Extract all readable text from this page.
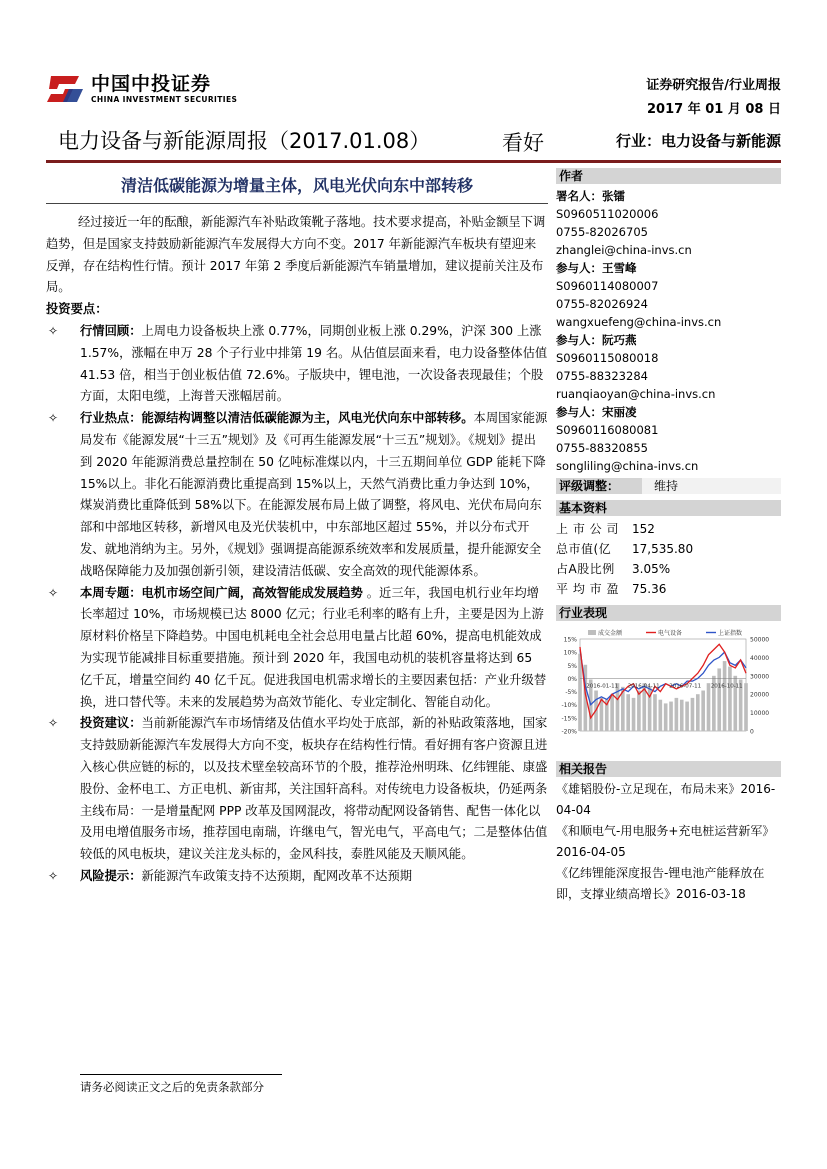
中国中投证券
CHINA INVESTMENT SECURITIES
证券研究报告/行业周报
2017 年 01 月 08 日
电力设备与新能源周报（2017.01.08）	看好	行业：电力设备与新能源
清洁低碳能源为增量主体，风电光伏向东中部转移

经过接近一年的酝酿，新能源汽车补贴政策靴子落地。技术要求提高，补贴金额呈下调趋势，但是国家支持鼓励新能源汽车发展得大方向不变。2017 年新能源汽车板块有望迎来反弹，存在结构性行情。预计 2017 年第 2 季度后新能源汽车销量增加，建议提前关注及布局。

投资要点：

✧ 行情回顾：上周电力设备板块上涨 0.77%，同期创业板上涨 0.29%，沪深 300 上涨 1.57%，涨幅在申万 28 个子行业中排第 19 名。从估值层面来看，电力设备整体估值 41.53 倍，相当于创业板估值 72.6%。子版块中，锂电池，一次设备表现最佳；个股方面，太阳电缆，上海普天涨幅居前。
✧ 行业热点：能源结构调整以清洁低碳能源为主，风电光伏向东中部转移。本周国家能源局发布《能源发展“十三五”规划》及《可再生能源发展“十三五”规划》。《规划》提出到 2020 年能源消费总量控制在 50 亿吨标准煤以内，十三五期间单位 GDP 能耗下降 15%以上。非化石能源消费比重提高到 15%以上，天然气消费比重力争达到 10%，煤炭消费比重降低到 58%以下。在能源发展布局上做了调整，将风电、光伏布局向东部和中部地区转移，新增风电及光伏装机中，中东部地区超过 55%，并以分布式开发、就地消纳为主。另外，《规划》强调提高能源系统效率和发展质量，提升能源安全战略保障能力及加强创新引领，建设清洁低碳、安全高效的现代能源体系。
✧ 本周专题：电机市场空间广阔，高效智能成发展趋势 。近三年，我国电机行业年均增长率超过 10%，市场规模已达 8000 亿元；行业毛利率的略有上升，主要是因为上游原材料价格呈下降趋势。中国电机耗电全社会总用电量占比超 60%，提高电机能效成为实现节能减排目标重要措施。预计到 2020 年，我国电动机的装机容量将达到 65 亿千瓦，增量空间约 40 亿千瓦。促进我国电机需求增长的主要因素包括：产业升级替换，进口替代等。未来的发展趋势为高效节能化、专业定制化、智能自动化。
✧ 投资建议：当前新能源汽车市场情绪及估值水平均处于底部，新的补贴政策落地，国家支持鼓励新能源汽车发展得大方向不变，板块存在结构性行情。看好拥有客户资源且进入核心供应链的标的，以及技术壁垒较高环节的个股，推荐沧州明珠、亿纬锂能、康盛股份、金杯电工、方正电机、新宙邦，关注国轩高科。对传统电力设备板块，仍延两条主线布局：一是增量配网 PPP 改革及国网混改，将带动配网设备销售、配售一体化以及用电增值服务市场，推荐国电南瑞，许继电气，智光电气，平高电气；二是整体估值较低的风电板块，建议关注龙头标的，金风科技，泰胜风能及天顺风能。
✧ 风险提示：新能源汽车政策支持不达预期，配网改革不达预期
作者
署名人：张镭
S0960511020006
0755-82026705
zhanglei@china-invs.cn
参与人：王雪峰
S0960114080007
0755-82026924
wangxuefeng@china-invs.cn
参与人：阮巧燕
S0960115080018
0755-88323284
ruanqiaoyan@china-invs.cn
参与人：宋丽凌
S0960116080081
0755-88320855
songliling@china-invs.cn
评级调整：	维持
基本资料
上 市 公 司	152
总市值(亿	17,535.80
占A股比例	3.05%
平 均 市 盈	75.36
行业表现
15%
10%
5%
0%
-5%
-10%
-15%
-20%
50000
40000
30000
20000
10000
0
2016-01-11 2016-04-11 2016-07-11 2016-10-11
成交金额	电气设备	上证指数
相关报告
《雄韬股份-立足现在，布局未来》2016-04-04
《和顺电气-用电服务+充电桩运营新军》2016-04-05
《亿纬锂能深度报告-锂电池产能释放在即，支撑业绩高增长》2016-03-18
请务必阅读正文之后的免责条款部分
